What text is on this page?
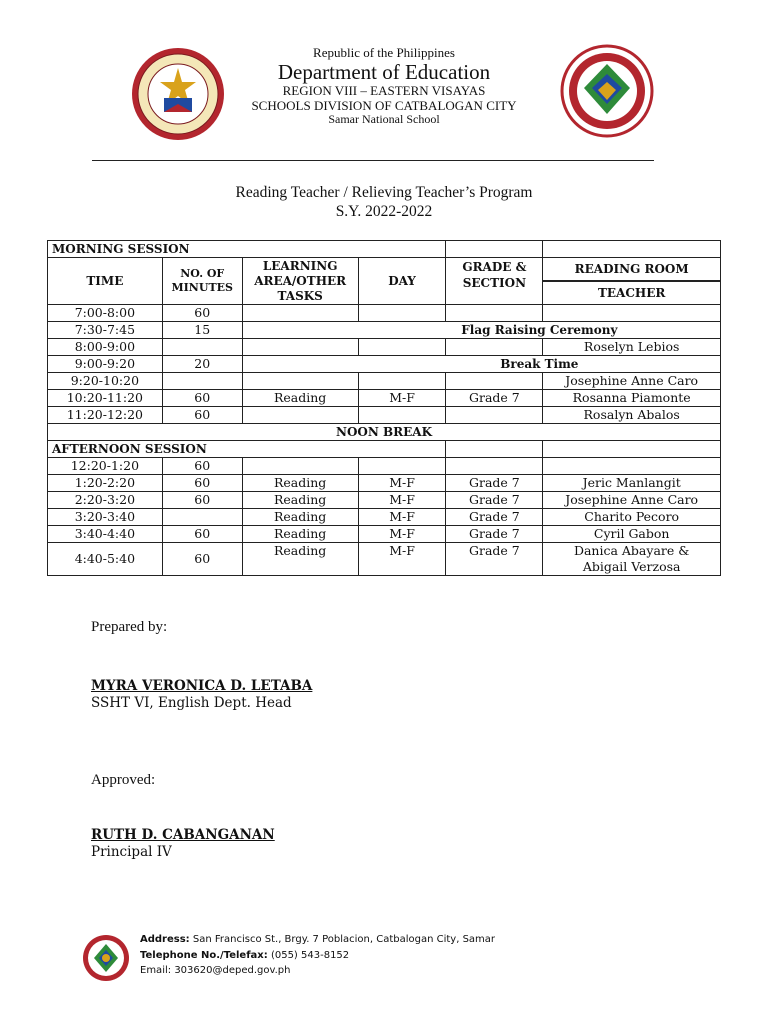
Republic of the Philippines
Department of Education
REGION VIII – EASTERN VISAYAS
SCHOOLS DIVISION OF CATBALOGAN CITY
Samar National School
Reading Teacher / Relieving Teacher’s Program
S.Y. 2022-2022
MORNING SESSION					
TIME	NO. OF MINUTES	LEARNING AREA/OTHER TASKS	DAY	GRADE & SECTION	READING ROOM
					TEACHER
7:00-8:00	60				

7:30-7:45	15	Flag Raising Ceremony			
8:00-9:00					Roselyn Lebios

9:00-9:20	20	Break Time			
9:20-10:20					Josephine Anne Caro

10:20-11:20	60	Reading	M-F	Grade 7	Rosanna Piamonte

11:20-12:20	60				Rosalyn Abalos

NOON BREAK					
AFTERNOON SESSION					
12:20-1:20	60				

1:20-2:20	60	Reading	M-F	Grade 7	Jeric Manlangit

2:20-3:20	60	Reading	M-F	Grade 7	Josephine Anne Caro

3:20-3:40		Reading	M-F	Grade 7	Charito Pecoro

3:40-4:40	60	Reading	M-F	Grade 7	Cyril Gabon

4:40-5:40	60	Reading	M-F	Grade 7	Danica Abayare &
Abigail Verzosa
Prepared by:
MYRA VERONICA D. LETABA
SSHT VI, English Dept. Head
Approved:
RUTH D. CABANGANAN
Principal IV
Address: San Francisco St., Brgy. 7 Poblacion, Catbalogan City, Samar
Telephone No./Telefax: (055) 543-8152
Email: 303620@deped.gov.ph
